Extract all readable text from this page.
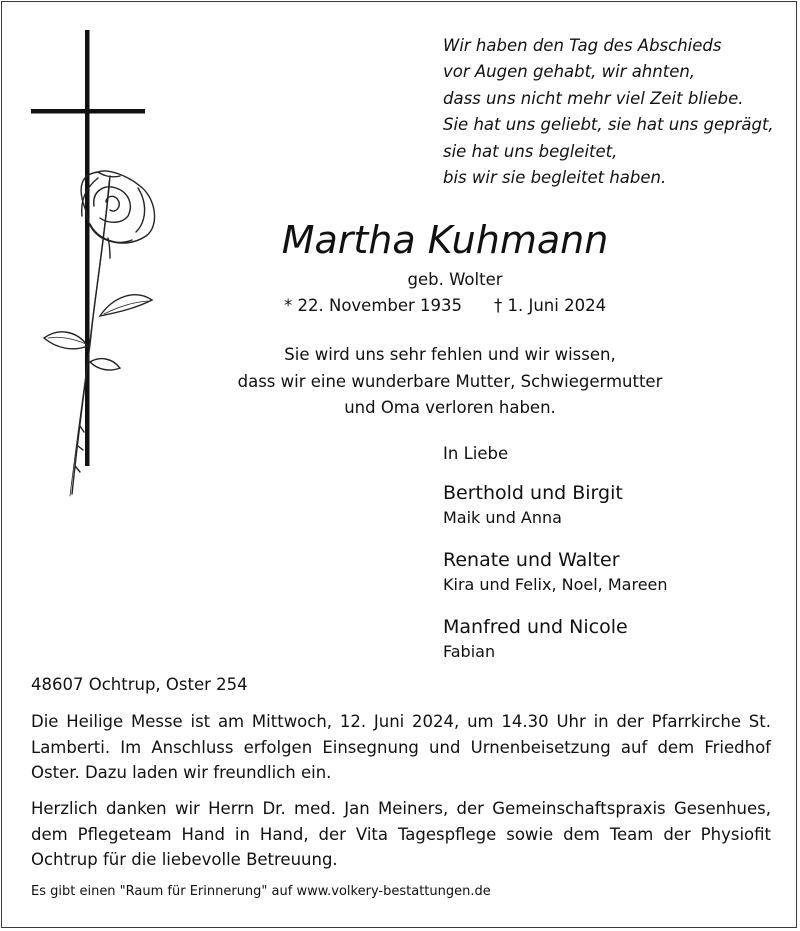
Wir haben den Tag des Abschieds
vor Augen gehabt, wir ahnten,
dass uns nicht mehr viel Zeit bliebe.
Sie hat uns geliebt, sie hat uns geprägt,
sie hat uns begleitet,
bis wir sie begleitet haben.
Martha Kuhmann
geb. Wolter
* 22. November 1935 † 1. Juni 2024
Sie wird uns sehr fehlen und wir wissen,
dass wir eine wunderbare Mutter, Schwiegermutter
und Oma verloren haben.
In Liebe
Berthold und Birgit
Maik und Anna
Renate und Walter
Kira und Felix, Noel, Mareen
Manfred und Nicole
Fabian
48607 Ochtrup, Oster 254

Die Heilige Messe ist am Mittwoch, 12. Juni 2024, um 14.30 Uhr in der Pfarrkirche St. Lamberti. Im Anschluss erfolgen Einsegnung und Urnenbeisetzung auf dem Friedhof Oster. Dazu laden wir freundlich ein.

Herzlich danken wir Herrn Dr. med. Jan Meiners, der Gemeinschaftspraxis Gesenhues, dem Pflegeteam Hand in Hand, der Vita Tagespflege sowie dem Team der Physiofit Ochtrup für die liebevolle Betreuung.

Es gibt einen "Raum für Erinnerung" auf www.volkery-bestattungen.de
